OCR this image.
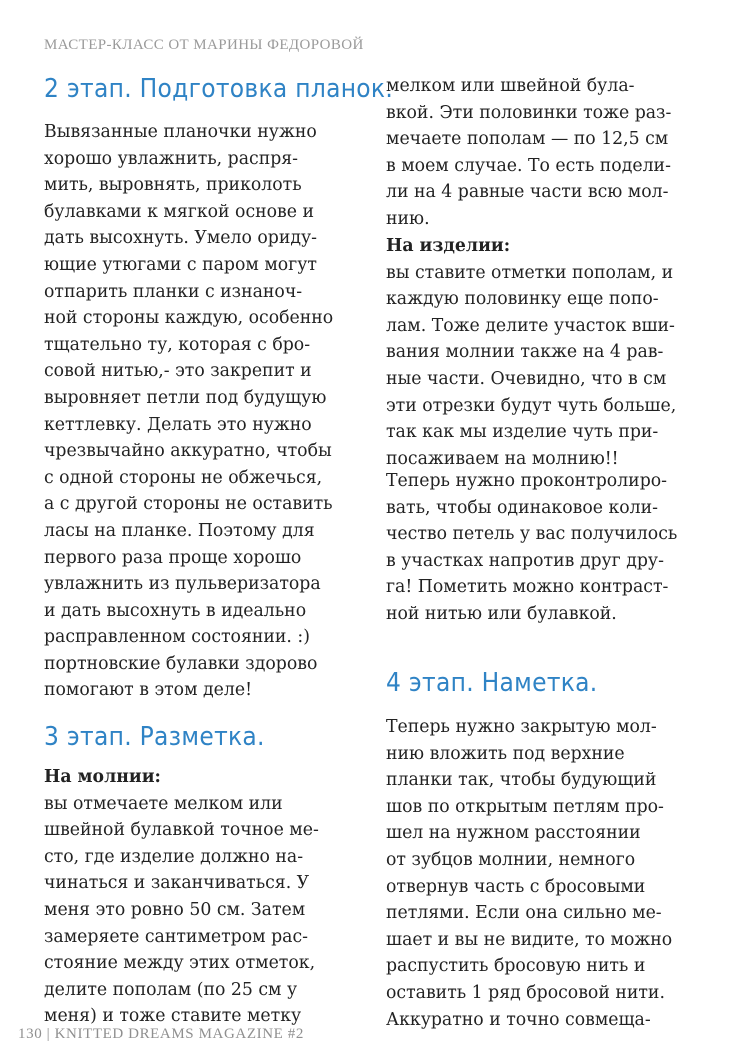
МАСТЕР-КЛАСС ОТ МАРИНЫ ФЕДОРОВОЙ
2 этап. Подготовка планок.
Вывязанные планочки нужно
хорошо увлажнить, распря-
мить, выровнять, приколоть
булавками к мягкой основе и
дать высохнуть. Умело ориду-
ющие утюгами с паром могут
отпарить планки с изнаноч-
ной стороны каждую, особенно
тщательно ту, которая с бро-
совой нитью,- это закрепит и
выровняет петли под будущую
кеттлевку. Делать это нужно
чрезвычайно аккуратно, чтобы
с одной стороны не обжечься,
а с другой стороны не оставить
ласы на планке. Поэтому для
первого раза проще хорошо
увлажнить из пульверизатора
и дать высохнуть в идеально
расправленном состоянии. :)
портновские булавки здорово
помогают в этом деле!
3 этап. Разметка.
На молнии:
вы отмечаете мелком или
швейной булавкой точное ме-
сто, где изделие должно на-
чинаться и заканчиваться. У
меня это ровно 50 см. Затем
замеряете сантиметром рас-
стояние между этих отметок,
делите пополам (по 25 см у
меня) и тоже ставите метку
мелком или швейной була-
вкой. Эти половинки тоже раз-
мечаете пополам — по 12,5 см
в моем случае. То есть подели-
ли на 4 равные части всю мол-
нию.
На изделии:
вы ставите отметки пополам, и
каждую половинку еще попо-
лам. Тоже делите участок вши-
вания молнии также на 4 рав-
ные части. Очевидно, что в см
эти отрезки будут чуть больше,
так как мы изделие чуть при-
посаживаем на молнию!!
Теперь нужно проконтролиро-
вать, чтобы одинаковое коли-
чество петель у вас получилось
в участках напротив друг дру-
га! Пометить можно контраст-
ной нитью или булавкой.
4 этап. Наметка.
Теперь нужно закрытую мол-
нию вложить под верхние
планки так, чтобы будующий
шов по открытым петлям про-
шел на нужном расстоянии
от зубцов молнии, немного
отвернув часть с бросовыми
петлями. Если она сильно ме-
шает и вы не видите, то можно
распустить бросовую нить и
оставить 1 ряд бросовой нити.
Аккуратно и точно совмеща-
130 | KNITTED DREAMS MAGAZINE #2
